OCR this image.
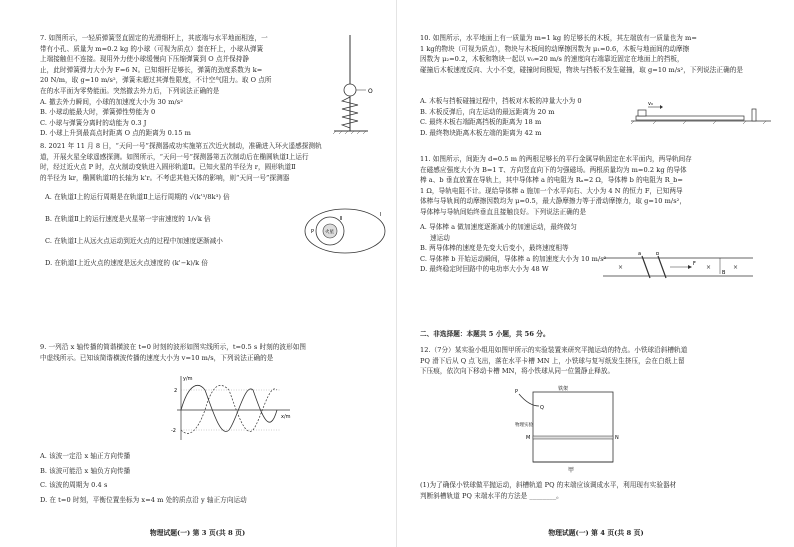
7. 如图所示，一轻质弹簧竖直固定的光滑细杆上，其底端与水平地面相连，一

带有小孔、质量为 m=0.2 kg 的小球（可视为质点）套在杆上，小球从弹簧

上端接触但不连接。现用外力使小球缓慢向下压缩弹簧到 O 点并保持静

止，此时弹簧弹力大小为 F=6 N。已知细杆足够长，弹簧的劲度系数为 k=

20 N/m，取 g=10 m/s²，弹簧未超过其弹性限度，不计空气阻力。取 O 点所

在的水平面为零势能面。突然撤去外力后，下列说法正确的是

A. 撤去外力瞬间，小球的加速度大小为 30 m/s²

B. 小球动能最大时，弹簧弹性势能为 0

C. 小球与弹簧分离时的动能为 0.3 J

D. 小球上升到最高点时距离 O 点的距离为 0.15 m

O

8. 2021 年 11 月 8 日，“天问一号”探测器成功实施第五次近火制动，准确进入环火遥感探测轨

道，开展火星全球遥感探测。如图所示，“天问一号”探测器第五次制动后在椭圆轨道Ⅰ上运行

时，经过近火点 P 时，点火制动变轨进入圆形轨道Ⅱ。已知火星的半径为 r，圆形轨道Ⅱ

的半径为 kr，椭圆轨道Ⅰ的长轴为 k'r。不考虑其他天体的影响，则“天问一号”探测器

A. 在轨道Ⅰ上的运行周期是在轨道Ⅱ上运行周期的 √(k'³/8k³) 倍

B. 在轨道Ⅱ上的运行速度是火星第一宇宙速度的 1/√k 倍

C. 在轨道Ⅰ上从远火点运动到近火点的过程中加速度逐渐减小

D. 在轨道Ⅰ上近火点的速度是远火点速度的 (k'−k)/k 倍

火星
P
Ⅰ
Ⅱ

9. 一列沿 x 轴传播的简谐横波在 t=0 时刻的波形如图实线所示，t=0.5 s 时刻的波形如图

中虚线所示。已知该简谐横波传播的速度大小为 v=10 m/s，下列说法正确的是

y/m
x/m
2
-2

A. 该波一定沿 x 轴正方向传播

B. 该波可能沿 x 轴负方向传播

C. 该波的周期为 0.4 s

D. 在 t=0 时刻，平衡位置坐标为 x=4 m 处的质点沿 y 轴正方向运动

物理试题(一) 第 3 页(共 8 页)

10. 如图所示，水平地面上有一质量为 m=1 kg 的足够长的木板，其左端放有一质量也为 m=

1 kg的物块（可视为质点），物块与木板间的动摩擦因数为 μ₁=0.6，木板与地面间的动摩擦

因数为 μ₂=0.2，木板和物块一起以 v₀=20 m/s 的速度向右端靠近固定在地面上的挡板，

碰撞后木板速度反向、大小不变，碰撞时间极短，物块与挡板不发生碰撞，取 g=10 m/s²，下列说法正确的是

A. 木板与挡板碰撞过程中，挡板对木板的冲量大小为 0

B. 木板反弹后，向左运动的最远距离为 20 m

C. 最终木板右端距离挡板的距离为 18 m

D. 最终物块距离木板左端的距离为 42 m

v₀

11. 如图所示，间距为 d=0.5 m 的两根足够长的平行金属导轨固定在水平面内，两导轨间存

在磁感应强度大小为 B=1 T、方向竖直向下的匀强磁场。两根质量均为 m=0.2 kg 的导体

棒 a、b 垂直放置在导轨上，其中导体棒 a 的电阻为 Rₐ=2 Ω，导体棒 b 的电阻为 R_b=

1 Ω，导轨电阻不计。现给导体棒 a 施加一个水平向右、大小为 4 N 的恒力 F，已知两导

体棒与导轨间的动摩擦因数均为 μ=0.5，最大静摩擦力等于滑动摩擦力，取 g=10 m/s²，

导体棒与导轨间始终垂直且接触良好。下列说法正确的是

A. 导体棒 a 做加速度逐渐减小的加速运动，最终做匀

速运动

B. 两导体棒的速度是先变大后变小，最终速度相等

C. 导体棒 b 开始运动瞬间，导体棒 a 的加速度大小为 10 m/s²

D. 最终稳定时回路中的电功率大小为 48 W

a	b
F
×	×	×
B
二、非选择题：本题共 5 小题，共 56 分。

12.（7分）某实验小组用如图甲所示的实验装置来研究平抛运动的特点。小铁球沿斜槽轨道

PQ 滑下后从 Q 点飞出，落在水平卡槽 MN 上，小铁球与复写纸发生挤压，会在白纸上留

下压痕，依次向下移动卡槽 MN，将小铁球从同一位置静止释放。

P
Q
铁架
M	N
物理实验
甲

(1)为了确保小铁球做平抛运动，斜槽轨道 PQ 的末端应该调成水平，利用现有实验器材

判断斜槽轨道 PQ 末端水平的方法是 ________。

物理试题(一) 第 4 页(共 8 页)
